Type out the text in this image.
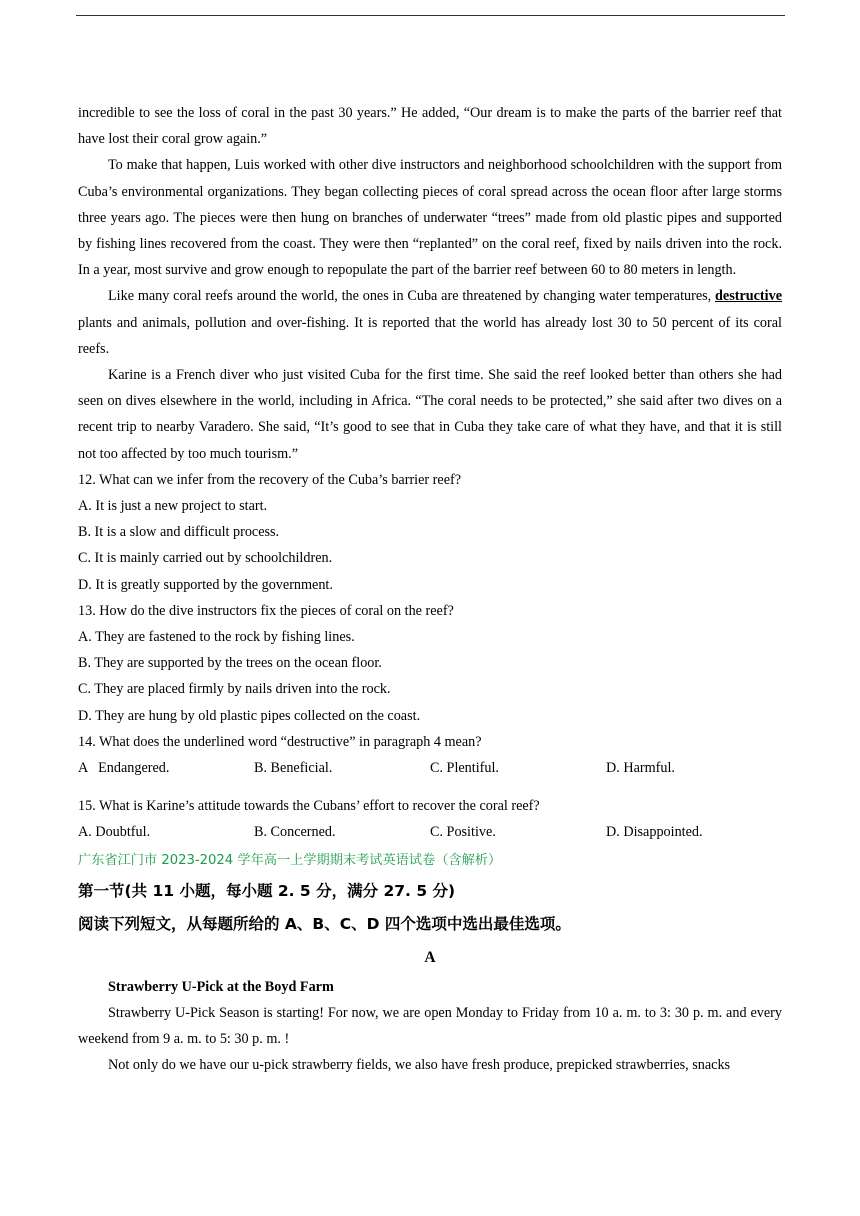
incredible to see the loss of coral in the past 30 years.” He added, “Our dream is to make the parts of the barrier reef that have lost their coral grow again.”

To make that happen, Luis worked with other dive instructors and neighborhood schoolchildren with the support from Cuba’s environmental organizations. They began collecting pieces of coral spread across the ocean floor after large storms three years ago. The pieces were then hung on branches of underwater “trees” made from old plastic pipes and supported by fishing lines recovered from the coast. They were then “replanted” on the coral reef, fixed by nails driven into the rock. In a year, most survive and grow enough to repopulate the part of the barrier reef between 60 to 80 meters in length.

Like many coral reefs around the world, the ones in Cuba are threatened by changing water temperatures, destructive plants and animals, pollution and over-fishing. It is reported that the world has already lost 30 to 50 percent of its coral reefs.

Karine is a French diver who just visited Cuba for the first time. She said the reef looked better than others she had seen on dives elsewhere in the world, including in Africa. “The coral needs to be protected,” she said after two dives on a recent trip to nearby Varadero. She said, “It’s good to see that in Cuba they take care of what they have, and that it is still not too affected by too much tourism.”

12. What can we infer from the recovery of the Cuba’s barrier reef?
A. It is just a new project to start.
B. It is a slow and difficult process.
C. It is mainly carried out by schoolchildren.
D. It is greatly supported by the government.
13. How do the dive instructors fix the pieces of coral on the reef?
A. They are fastened to the rock by fishing lines.
B. They are supported by the trees on the ocean floor.
C. They are placed firmly by nails driven into the rock.
D. They are hung by old plastic pipes collected on the coast.
14. What does the underlined word “destructive” in paragraph 4 mean?
A   Endangered.	B. Beneficial.	C. Plentiful.	D. Harmful.
15. What is Karine’s attitude towards the Cubans’ effort to recover the coral reef?
A. Doubtful.	B. Concerned.	C. Positive.	D. Disappointed.
广东省江门市 2023-2024 学年高一上学期期末考试英语试卷（含解析）
第一节(共 11 小题，每小题 2. 5 分，满分 27. 5 分)
阅读下列短文，从每题所给的 A、B、C、D 四个选项中选出最佳选项。
A
Strawberry U-Pick at the Boyd Farm

Strawberry U-Pick Season is starting! For now, we are open Monday to Friday from 10 a. m. to 3: 30 p. m. and every weekend from 9 a. m. to 5: 30 p. m. !

Not only do we have our u-pick strawberry fields, we also have fresh produce, prepicked strawberries, snacks
